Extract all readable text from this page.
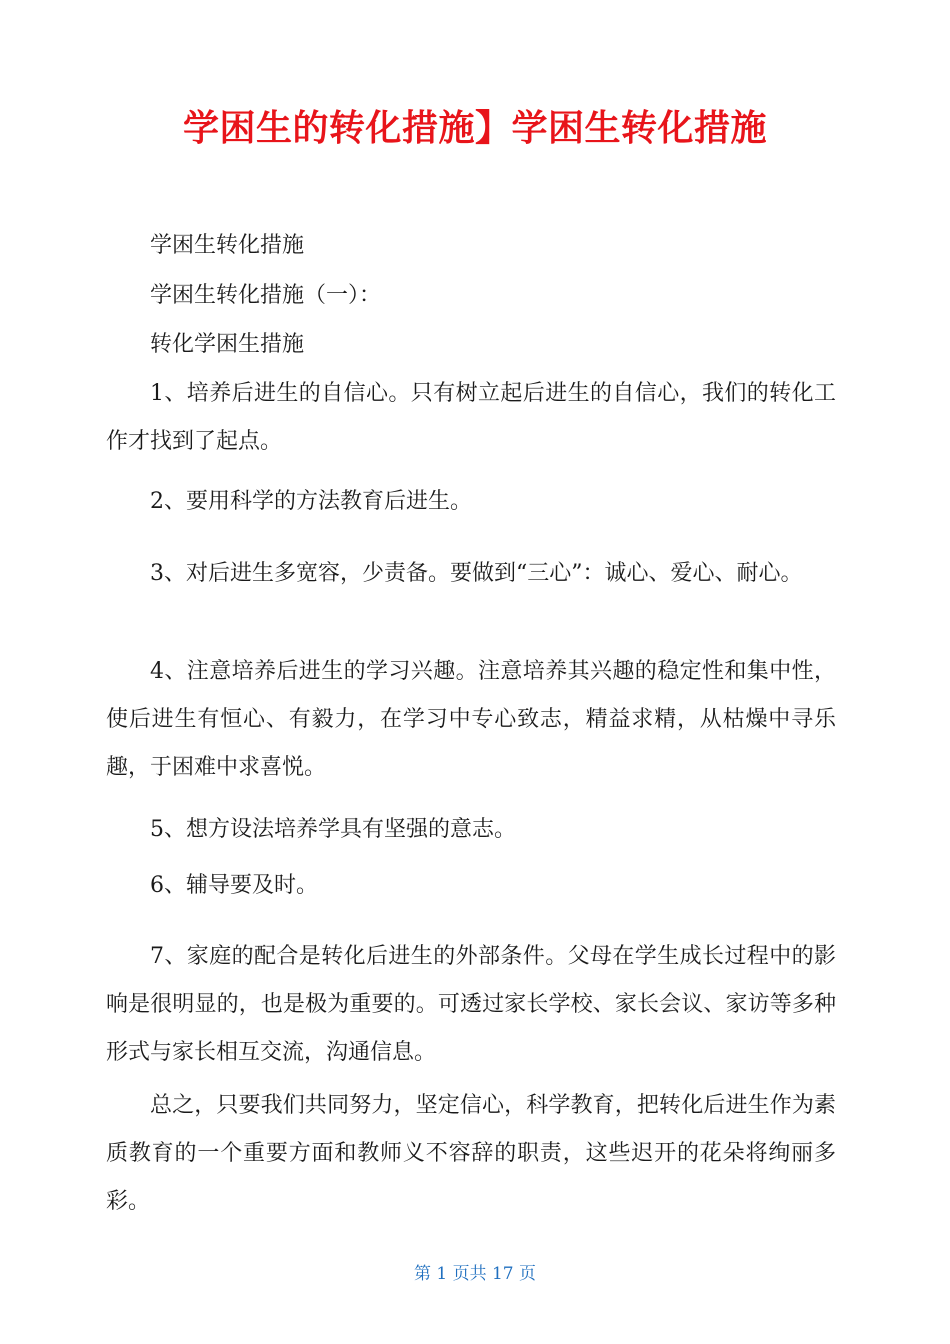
学困生的转化措施】学困生转化措施

学困生转化措施

学困生转化措施（一）：

转化学困生措施

1、培养后进生的自信心。只有树立起后进生的自信心，我们的转化工作才找到了起点。

2、要用科学的方法教育后进生。

3、对后进生多宽容，少责备。要做到“三心”：诚心、爱心、耐心。

4、注意培养后进生的学习兴趣。注意培养其兴趣的稳定性和集中性，使后进生有恒心、有毅力，在学习中专心致志，精益求精，从枯燥中寻乐趣，于困难中求喜悦。

5、想方设法培养学具有坚强的意志。

6、辅导要及时。

7、家庭的配合是转化后进生的外部条件。父母在学生成长过程中的影响是很明显的，也是极为重要的。可透过家长学校、家长会议、家访等多种形式与家长相互交流，沟通信息。

总之，只要我们共同努力，坚定信心，科学教育，把转化后进生作为素质教育的一个重要方面和教师义不容辞的职责，这些迟开的花朵将绚丽多彩。

第 1 页共 17 页
